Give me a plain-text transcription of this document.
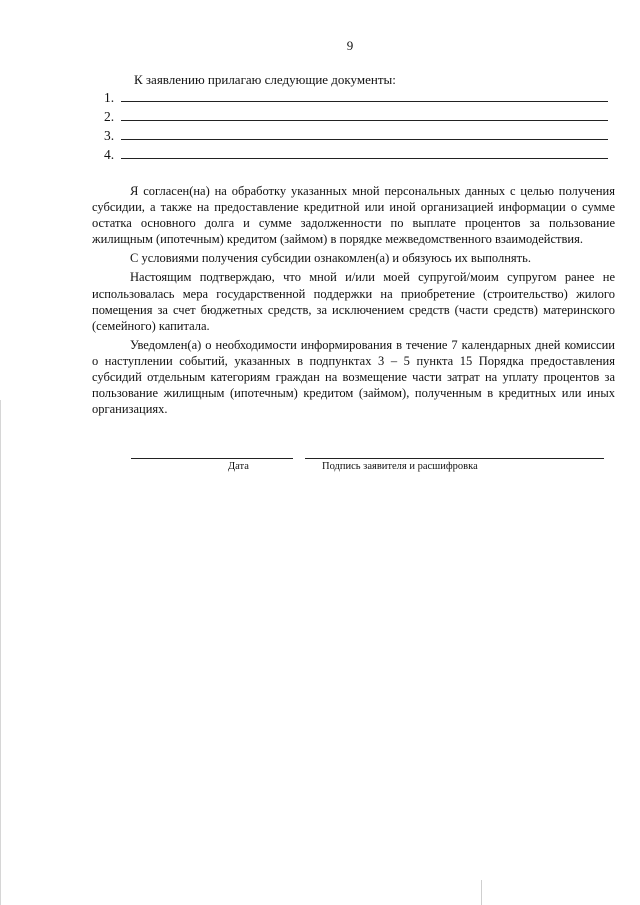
9
К заявлению прилагаю следующие документы:
1.
2.
3.
4.

Я согласен(на) на обработку указанных мной персональных данных с целью получения субсидии, а также на предоставление кредитной или иной организацией информации о сумме остатка основного долга и сумме задолженности по выплате процентов за пользование жилищным (ипотечным) кредитом (займом) в порядке межведомственного взаимодействия.

С условиями получения субсидии ознакомлен(а) и обязуюсь их выполнять.

Настоящим подтверждаю, что мной и/или моей супругой/моим супругом ранее не использовалась мера государственной поддержки на приобретение (строительство) жилого помещения за счет бюджетных средств, за исключением средств (части средств) материнского (семейного) капитала.

Уведомлен(а) о необходимости информирования в течение 7 календарных дней комиссии о наступлении событий, указанных в подпунктах 3 – 5 пункта 15 Порядка предоставления субсидий отдельным категориям граждан на возмещение части затрат на уплату процентов за пользование жилищным (ипотечным) кредитом (займом), полученным в кредитных или иных организациях.

Дата	Подпись заявителя и расшифровка
